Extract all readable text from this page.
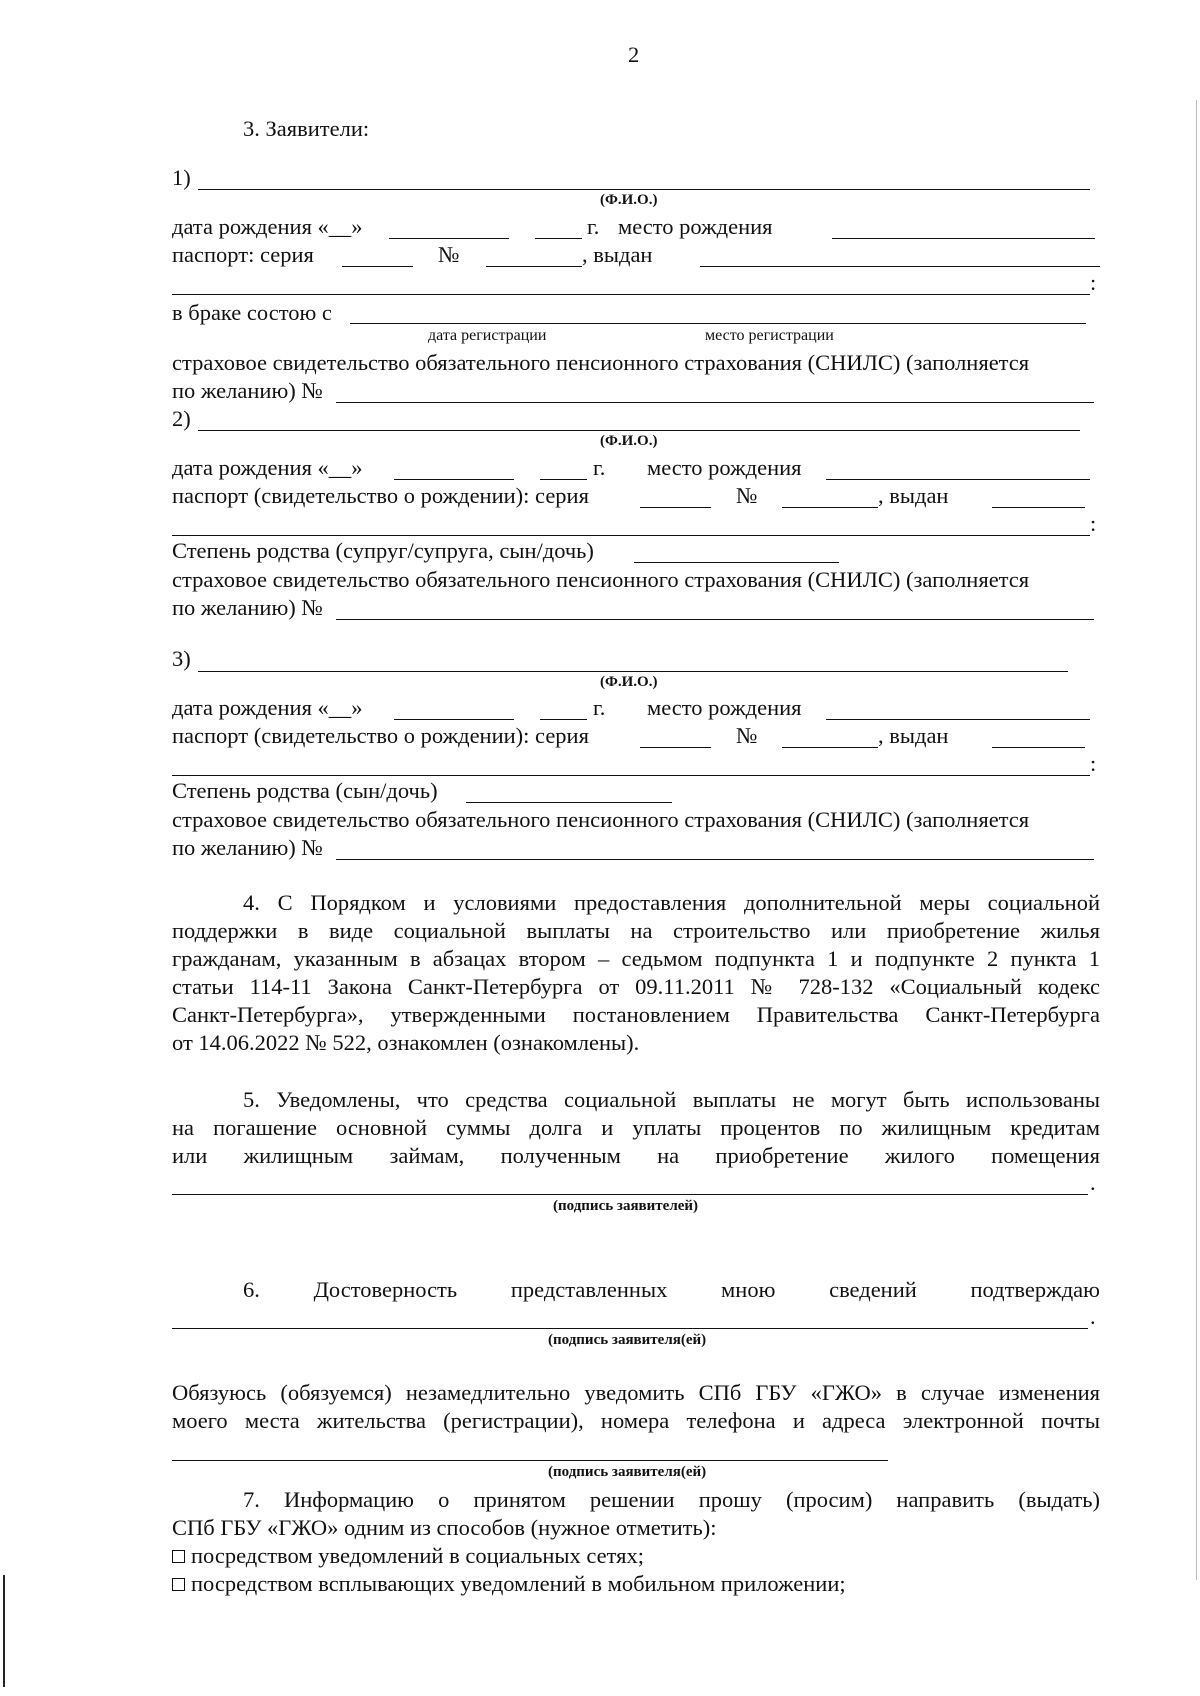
2
3. Заявители:
1)
(Ф.И.О.)
дата рождения «__»	г. место рождения
паспорт: серия	№	, выдан
:
в браке состою с
дата регистрации	место регистрации
страховое свидетельство обязательного пенсионного страхования (СНИЛС) (заполняется
по желанию) №
2)
(Ф.И.О.)
дата рождения «__»	г. место рождения
паспорт (свидетельство о рождении): серия	№	, выдан
:
Степень родства (супруг/супруга, сын/дочь)
страховое свидетельство обязательного пенсионного страхования (СНИЛС) (заполняется
по желанию) №
3)
(Ф.И.О.)
дата рождения «__»	г. место рождения
паспорт (свидетельство о рождении): серия	№	, выдан
:
Степень родства (сын/дочь)
страховое свидетельство обязательного пенсионного страхования (СНИЛС) (заполняется
по желанию) №
4. С Порядком и условиями предоставления дополнительной меры социальной
поддержки в виде социальной выплаты на строительство или приобретение жилья
гражданам, указанным в абзацах втором – седьмом подпункта 1 и подпункте 2 пункта 1
статьи 114-11 Закона Санкт-Петербурга от 09.11.2011 № 728-132 «Социальный кодекс
Санкт-Петербурга», утвержденными постановлением Правительства Санкт-Петербурга
от 14.06.2022 № 522, ознакомлен (ознакомлены).
5. Уведомлены, что средства социальной выплаты не могут быть использованы
на погашение основной суммы долга и уплаты процентов по жилищным кредитам
или жилищным займам, полученным на приобретение жилого помещения
.
(подпись заявителей)
6. Достоверность представленных мною сведений подтверждаю
.
(подпись заявителя(ей)
Обязуюсь (обязуемся) незамедлительно уведомить СПб ГБУ «ГЖО» в случае изменения
моего места жительства (регистрации), номера телефона и адреса электронной почты
(подпись заявителя(ей)
7. Информацию о принятом решении прошу (просим) направить (выдать)
СПб ГБУ «ГЖО» одним из способов (нужное отметить):
посредством уведомлений в социальных сетях;
посредством всплывающих уведомлений в мобильном приложении;
